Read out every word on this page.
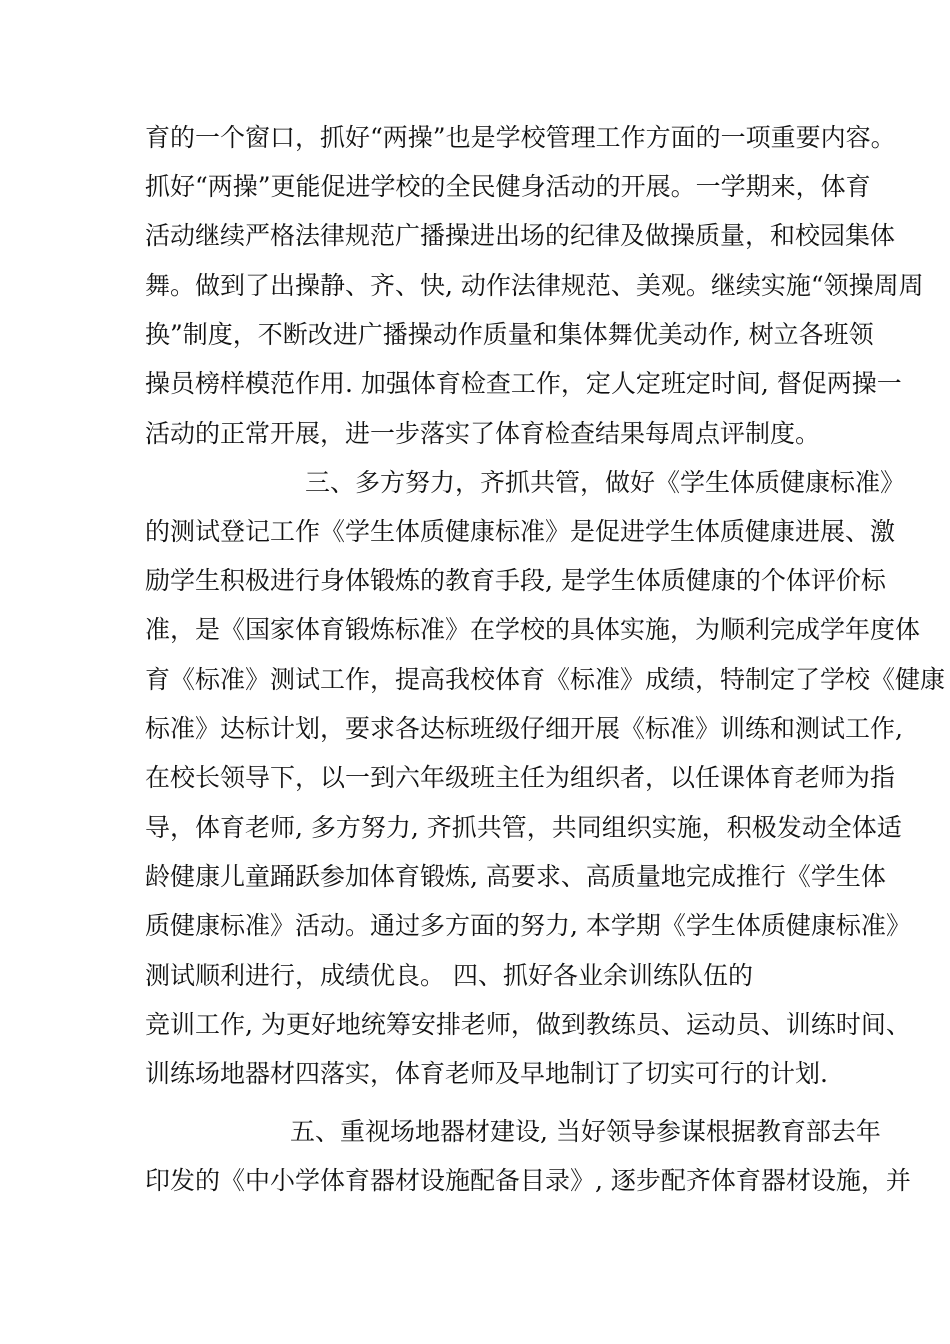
育的一个窗口，抓好“两操”也是学校管理工作方面的一项重要内容。
抓好“两操”更能促进学校的全民健身活动的开展。一学期来，体育
活动继续严格法律规范广播操进出场的纪律及做操质量，和校园集体
舞。做到了出操静、齐、快, 动作法律规范、美观。继续实施“领操周周
换”制度，不断改进广播操动作质量和集体舞优美动作, 树立各班领
操员榜样模范作用. 加强体育检查工作，定人定班定时间, 督促两操一
活动的正常开展，进一步落实了体育检查结果每周点评制度。
三、多方努力，齐抓共管，做好《学生体质健康标准》
的测试登记工作《学生体质健康标准》是促进学生体质健康进展、激
励学生积极进行身体锻炼的教育手段, 是学生体质健康的个体评价标
准，是《国家体育锻炼标准》在学校的具体实施，为顺利完成学年度体
育《标准》测试工作，提高我校体育《标准》成绩，特制定了学校《健康
标准》达标计划，要求各达标班级仔细开展《标准》训练和测试工作,
在校长领导下，以一到六年级班主任为组织者，以任课体育老师为指
导，体育老师, 多方努力, 齐抓共管，共同组织实施，积极发动全体适
龄健康儿童踊跃参加体育锻炼, 高要求、高质量地完成推行《学生体
质健康标准》活动。通过多方面的努力, 本学期《学生体质健康标准》
测试顺利进行，成绩优良。 四、抓好各业余训练队伍的
竞训工作, 为更好地统筹安排老师，做到教练员、运动员、训练时间、
训练场地器材四落实，体育老师及早地制订了切实可行的计划.
五、重视场地器材建设, 当好领导参谋根据教育部去年
印发的《中小学体育器材设施配备目录》, 逐步配齐体育器材设施，并
